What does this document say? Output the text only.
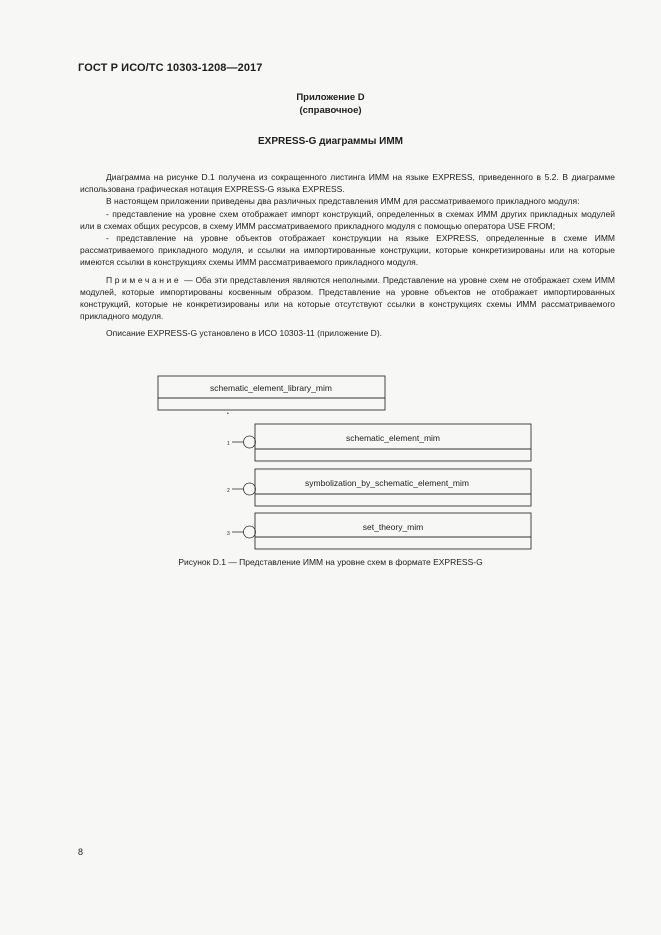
ГОСТ Р ИСО/ТС 10303-1208—2017
Приложение D
(справочное)
EXPRESS-G диаграммы ИММ

Диаграмма на рисунке D.1 получена из сокращенного листинга ИММ на языке EXPRESS, приведенного в 5.2. В диаграмме использована графическая нотация EXPRESS-G языка EXPRESS.

В настоящем приложении приведены два различных представления ИММ для рассматриваемого прикладного модуля:

- представление на уровне схем отображает импорт конструкций, определенных в схемах ИММ других прикладных модулей или в схемах общих ресурсов, в схему ИММ рассматриваемого прикладного модуля с помощью оператора USE FROM;

- представление на уровне объектов отображает конструкции на языке EXPRESS, определенные в схеме ИММ рассматриваемого прикладного модуля, и ссылки на импортированные конструкции, которые конкретизированы или на которые имеются ссылки в конструкциях схемы ИММ рассматриваемого прикладного модуля.

Примечание — Оба эти представления являются неполными. Представление на уровне схем не отображает схем ИММ модулей, которые импортированы косвенным образом. Представление на уровне объектов не отображает импортированных конструкций, которые не конкретизированы или на которые отсутствуют ссылки в конструкциях схемы ИММ рассматриваемого прикладного модуля.

Описание EXPRESS-G установлено в ИСО 10303-11 (приложение D).

schematic_element_library_mim
•
schematic_element_mim
1
symbolization_by_schematic_element_mim
2
set_theory_mim
3
Рисунок D.1 — Представление ИММ на уровне схем в формате EXPRESS-G
8
